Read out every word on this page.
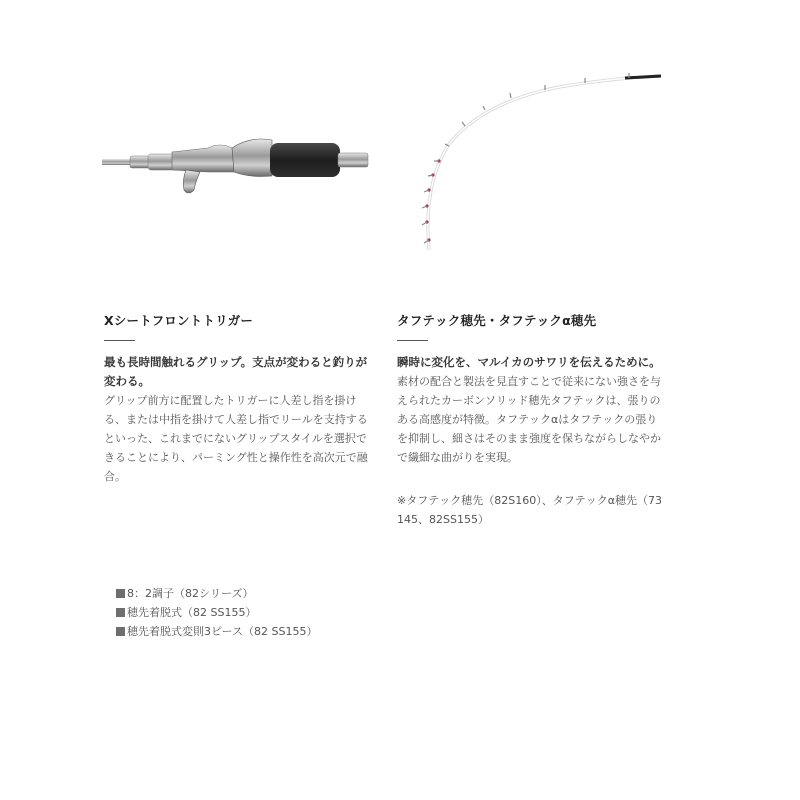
Xシートフロントトリガー

最も長時間触れるグリップ。支点が変わると釣りが変わる。

グリップ前方に配置したトリガーに人差し指を掛ける、または中指を掛けて人差し指でリールを支持するといった、これまでにないグリップスタイルを選択できることにより、パーミング性と操作性を高次元で融合。

タフテック穂先・タフテックα穂先

瞬時に変化を、マルイカのサワリを伝えるために。

素材の配合と製法を見直すことで従来にない強さを与えられたカーボンソリッド穂先タフテックは、張りのある高感度が特徴。タフテックαはタフテックの張りを抑制し、細さはそのまま強度を保ちながらしなやかで繊細な曲がりを実現。

※タフテック穂先（82S160）、タフテックα穂先（73 145、82SS155）

8：2調子（82シリーズ）
穂先着脱式（82 SS155）
穂先着脱式変則3ピース（82 SS155）
